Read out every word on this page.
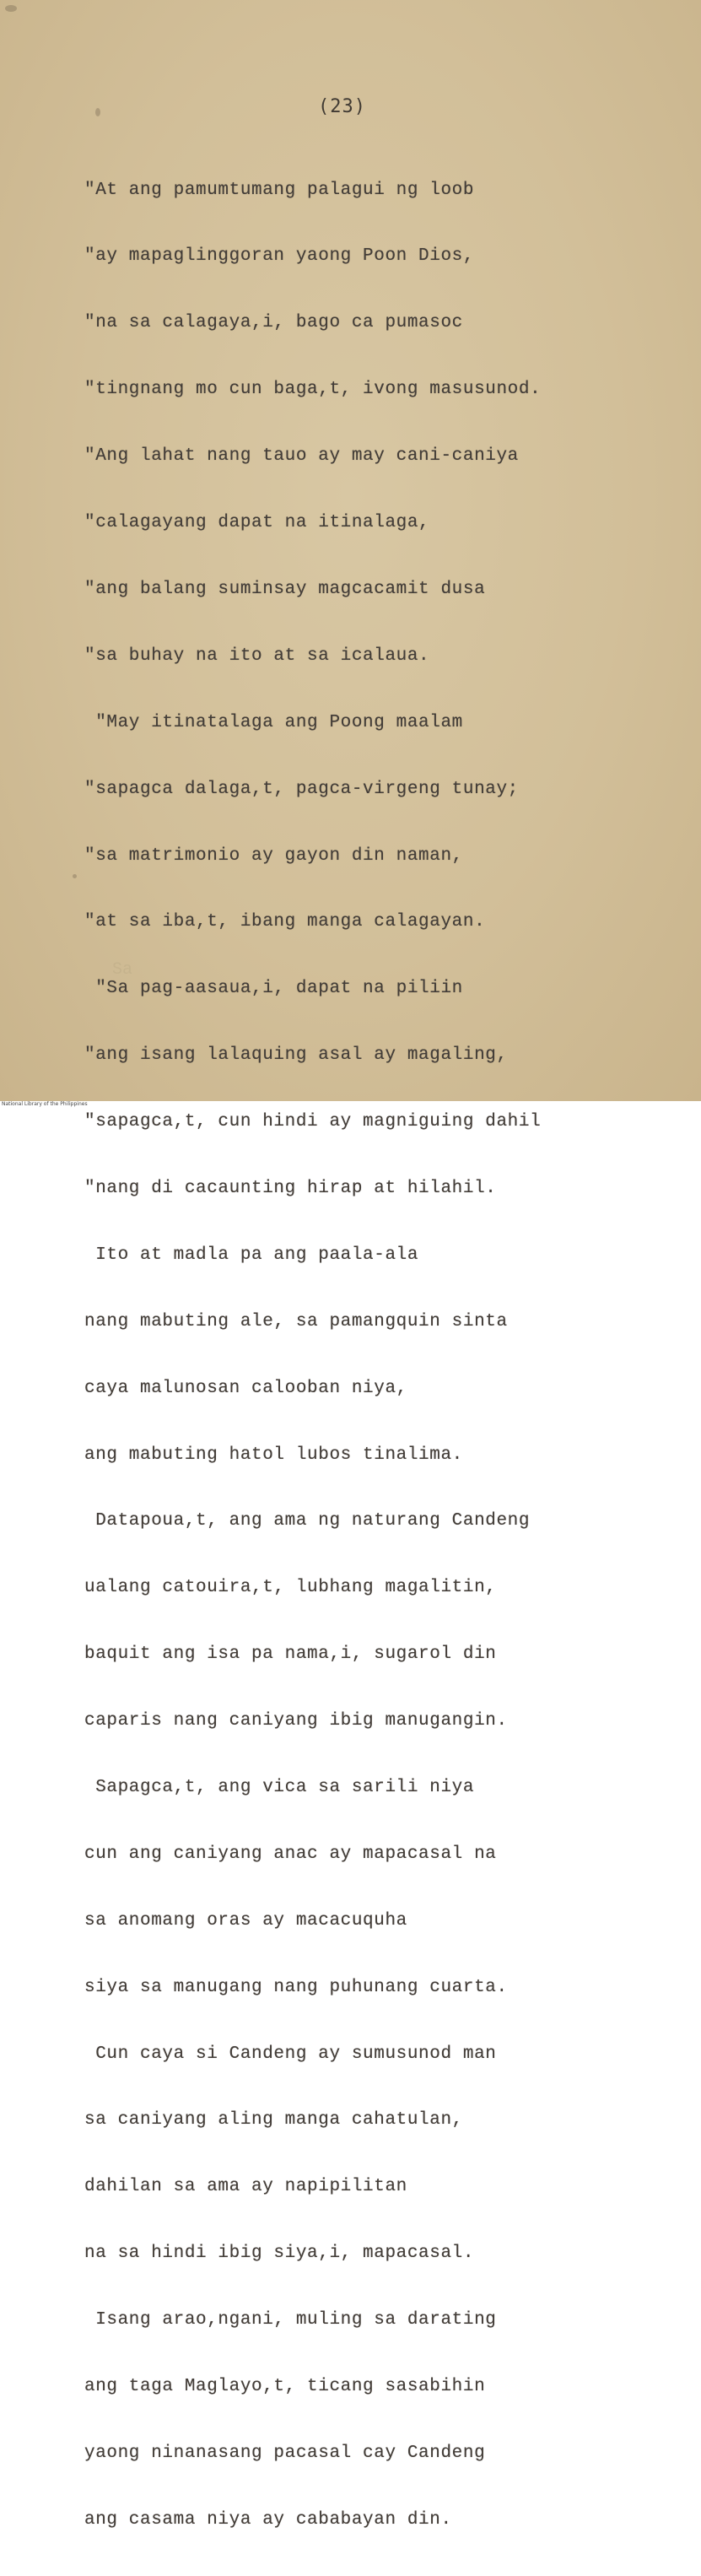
(23)

"At ang pamumtumang palagui ng loob

"ay mapaglinggoran yaong Poon Dios,

"na sa calagaya,i, bago ca pumasoc

"tingnang mo cun baga,t, ivong masusunod.

"Ang lahat nang tauo ay may cani-caniya

"calagayang dapat na itinalaga,

"ang balang suminsay magcacamit dusa

"sa buhay na ito at sa icalaua.

"May itinatalaga ang Poong maalam

"sapagca dalaga,t, pagca-virgeng tunay;

"sa matrimonio ay gayon din naman,

"at sa iba,t, ibang manga calagayan.

"Sa pag-aasaua,i, dapat na piliin

"ang isang lalaquing asal ay magaling,

"sapagca,t, cun hindi ay magniguing dahil

"nang di cacaunting hirap at hilahil.

Ito at madla pa ang paala-ala

nang mabuting ale, sa pamangquin sinta

caya malunosan calooban niya,

ang mabuting hatol lubos tinalima.

Datapoua,t, ang ama ng naturang Candeng

ualang catouira,t, lubhang magalitin,

baquit ang isa pa nama,i, sugarol din

caparis nang caniyang ibig manugangin.

Sapagca,t, ang vica sa sarili niya

cun ang caniyang anac ay mapacasal na

sa anomang oras ay macacuquha

siya sa manugang nang puhunang cuarta.

Cun caya si Candeng ay sumusunod man

sa caniyang aling manga cahatulan,

dahilan sa ama ay napipilitan

na sa hindi ibig siya,i, mapacasal.

Isang arao,ngani, muling sa darating

ang taga Maglayo,t, ticang sasabihin

yaong ninanasang pacasal cay Candeng

ang casama niya ay cababayan din.

Sa
National Library of the Philippines
